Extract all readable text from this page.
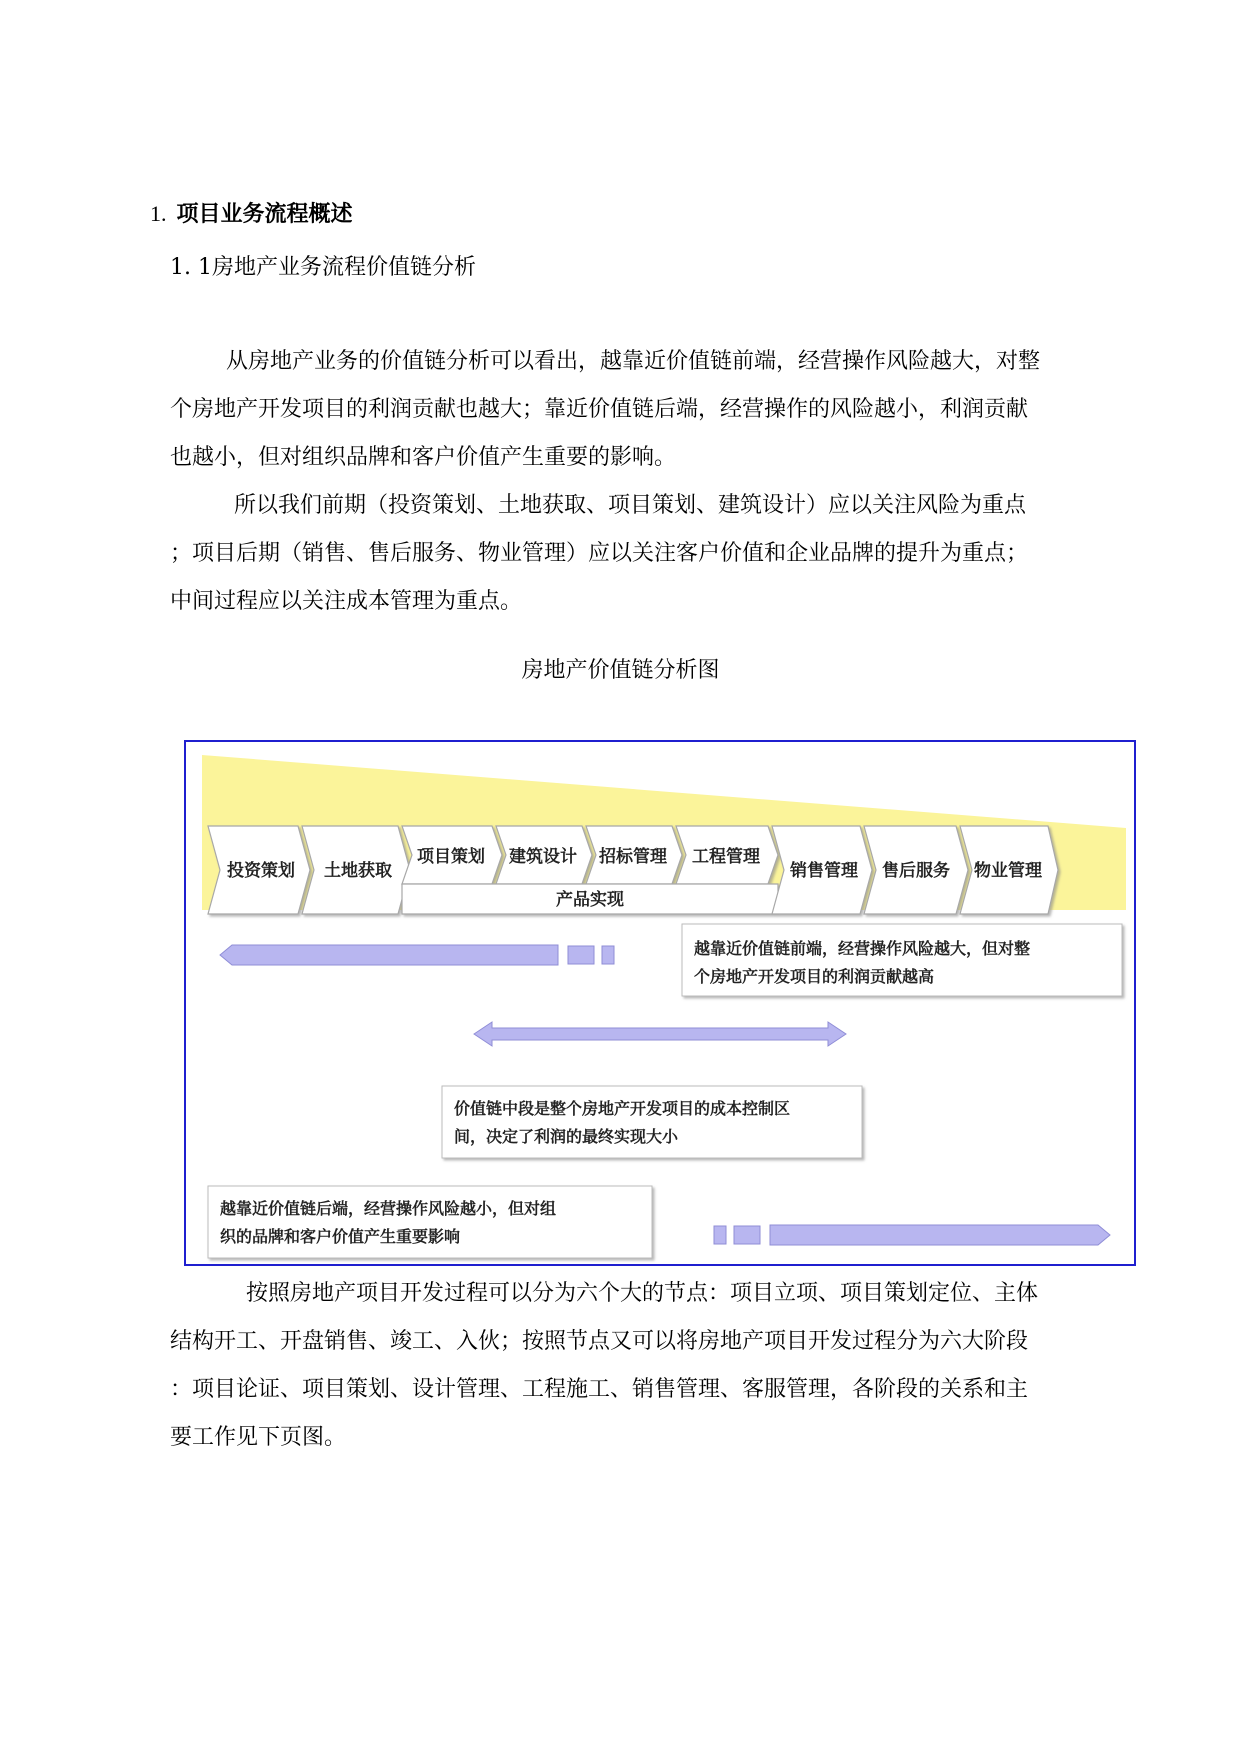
1. 项目业务流程概述
1. 1房地产业务流程价值链分析

从房地产业务的价值链分析可以看出，越靠近价值链前端，经营操作风险越大，对整

个房地产开发项目的利润贡献也越大；靠近价值链后端，经营操作的风险越小，利润贡献

也越小，但对组织品牌和客户价值产生重要的影响。

所以我们前期（投资策划、土地获取、项目策划、建筑设计）应以关注风险为重点

；项目后期（销售、售后服务、物业管理）应以关注客户价值和企业品牌的提升为重点；

中间过程应以关注成本管理为重点。

房地产价值链分析图
投资策划 土地获取
项目策划 建筑设计 招标管理 工程管理
产品实现
销售管理 售后服务 物业管理
越靠近价值链前端，经营操作风险越大，但对整
个房地产开发项目的利润贡献越高
价值链中段是整个房地产开发项目的成本控制区
间，决定了利润的最终实现大小
越靠近价值链后端，经营操作风险越小，但对组
织的品牌和客户价值产生重要影响

按照房地产项目开发过程可以分为六个大的节点：项目立项、项目策划定位、主体

结构开工、开盘销售、竣工、入伙；按照节点又可以将房地产项目开发过程分为六大阶段

：项目论证、项目策划、设计管理、工程施工、销售管理、客服管理，各阶段的关系和主

要工作见下页图。
